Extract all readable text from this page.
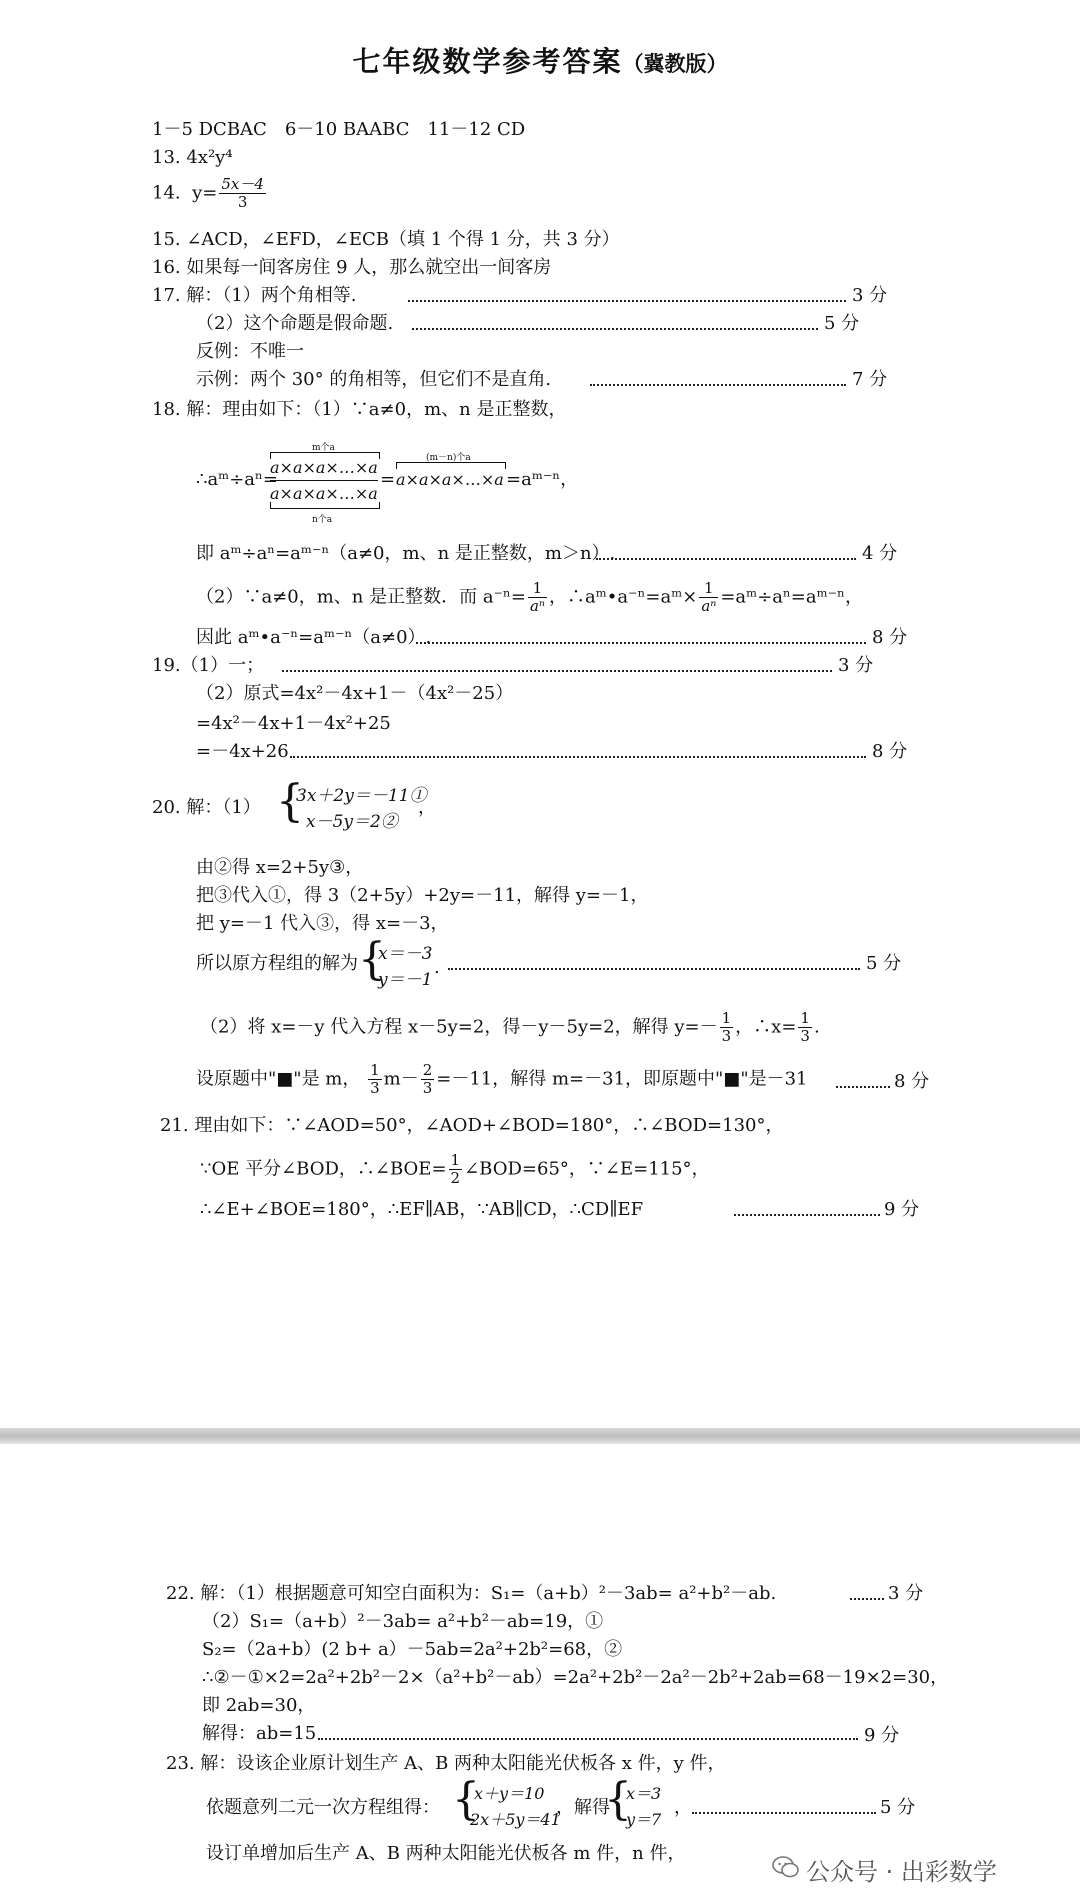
七年级数学参考答案（冀教版）
1－5 DCBAC　6－10 BAABC　11－12 CD
13. 4x²y⁴
14. $y= \frac{5x-4}{3}$
15. ∠ACD，∠EFD，∠ECB（填 1 个得 1 分，共 3 分）
16. 如果每一间客房住 9 人，那么就空出一间客房
17. 解：（1）两个角相等.	3 分
（2）这个命题是假命题.	5 分
反例：不唯一
示例：两个 30° 的角相等，但它们不是直角.	7 分
18. 解：理由如下：（1）∵a≠0，m、n 是正整数，
∴aᵐ÷aⁿ=
m个a
a×a×a×…×a
a×a×a×…×a
n个a
=
(m－n)个a
a×a×a×…×a =aᵐ⁻ⁿ，
即 aᵐ÷aⁿ=aᵐ⁻ⁿ（a≠0，m、n 是正整数，m＞n）.	4 分
（2）∵a≠0，m、n 是正整数．而 $a^{-n}= \frac{1}{\text{aⁿ}}$ ，∴aᵐ•a⁻ⁿ=aᵐ× $\frac{1}{\text{aⁿ}}$ =aᵐ÷aⁿ=aᵐ⁻ⁿ，
因此 aᵐ•a⁻ⁿ=aᵐ⁻ⁿ（a≠0）.	8 分
19.（1）一；	3 分
（2）原式=4x²－4x+1－（4x²－25）
=4x²－4x+1－4x²+25
=－4x+26	8 分
20. 解：（1） {
3x＋2y＝－11①
x－5y＝2②
，
由②得 x=2+5y③，
把③代入①，得 3（2+5y）+2y=－11，解得 y=－1，
把 y=－1 代入③，得 x=－3，
所以原方程组的解为 {
x＝－3
y＝－1
.	5 分
（2）将 x=－y 代入方程 x－5y=2，得－y－5y=2，解得 $y=- \frac{1}{3}$ ，∴x= $\frac{1}{3}$ .
设原题中"■"是 m， $\frac{1}{3} m- \frac{2}{3} =-11$，解得 m=－31，即原题中"■"是－31	8 分
21. 理由如下：∵∠AOD=50°，∠AOD+∠BOD=180°，∴∠BOD=130°，
∵OE 平分∠BOD，∴∠BOE= $\frac{1}{2}$ ∠BOD=65°，∵∠E=115°，
∴∠E+∠BOE=180°，∴EF∥AB，∵AB∥CD，∴CD∥EF	9 分
22. 解：（1）根据题意可知空白面积为：S₁=（a+b）²－3ab= a²+b²－ab.	3 分
（2）S₁=（a+b）²－3ab= a²+b²－ab=19，①
S₂=（2a+b）(2 b+ a）－5ab=2a²+2b²=68，②
∴②－①×2=2a²+2b²－2×（a²+b²－ab）=2a²+2b²－2a²－2b²+2ab=68－19×2=30，
即 2ab=30，
解得：ab=15	9 分
23. 解：设该企业原计划生产 A、B 两种太阳能光伏板各 x 件，y 件，
依题意列二元一次方程组得： {
x＋y＝10
2x＋5y＝41
，解得
{
x＝3
y＝7
，	5 分
设订单增加后生产 A、B 两种太阳能光伏板各 m 件，n 件，
公众号 · 出彩数学
